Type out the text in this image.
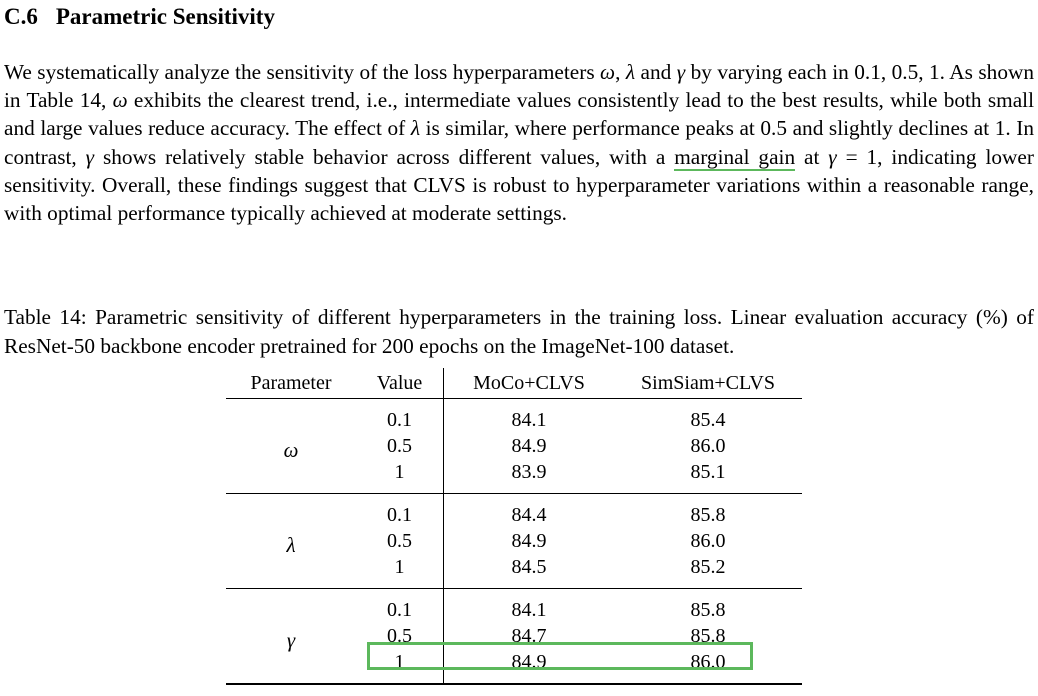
C.6 Parametric Sensitivity

We systematically analyze the sensitivity of the loss hyperparameters ω, λ and γ by varying each in 0.1, 0.5, 1. As shown in Table 14, ω exhibits the clearest trend, i.e., intermediate values consistently lead to the best results, while both small and large values reduce accuracy. The effect of λ is similar, where performance peaks at 0.5 and slightly declines at 1. In contrast, γ shows relatively stable behavior across different values, with a marginal gain at γ = 1, indicating lower sensitivity. Overall, these findings suggest that CLVS is robust to hyperparameter variations within a reasonable range, with optimal performance typically achieved at moderate settings.

Table 14: Parametric sensitivity of different hyperparameters in the training loss. Linear evaluation accuracy (%) of ResNet-50 backbone encoder pretrained for 200 epochs on the ImageNet-100 dataset.

Parameter	Value	MoCo+CLVS	SimSiam+CLVS
ω	0.1	84.1	85.4
	0.5	84.9	86.0
	1	83.9	85.1
λ	0.1	84.4	85.8
	0.5	84.9	86.0
	1	84.5	85.2
γ	0.1	84.1	85.8
	0.5	84.7	85.8
	1	84.9	86.0
